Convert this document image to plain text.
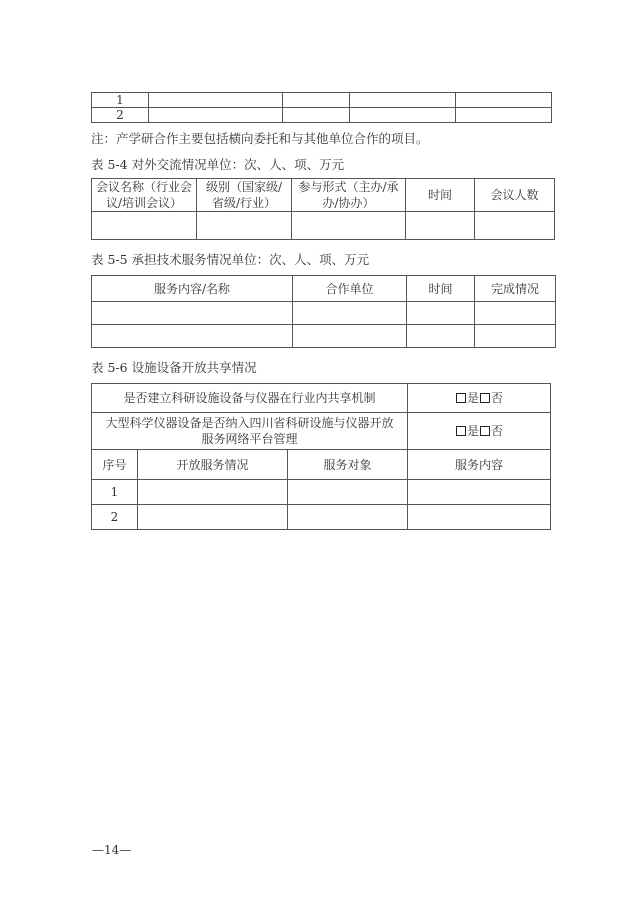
1				
2				
注：产学研合作主要包括横向委托和与其他单位合作的项目。
表 5-4 对外交流情况单位：次、人、项、万元
会议名称（行业会议/培训会议）	级别（国家级/省级/行业）	参与形式（主办/承办/协办）	时间	会议人数

表 5-5 承担技术服务情况单位：次、人、项、万元
服务内容/名称	合作单位	时间	完成情况

表 5-6 设施设备开放共享情况
是否建立科研设施设备与仪器在行业内共享机制			是 否
大型科学仪器设备是否纳入四川省科研设施与仪器开放服务网络平台管理			是 否
序号	开放服务情况	服务对象	服务内容
1			
2			
—14—
